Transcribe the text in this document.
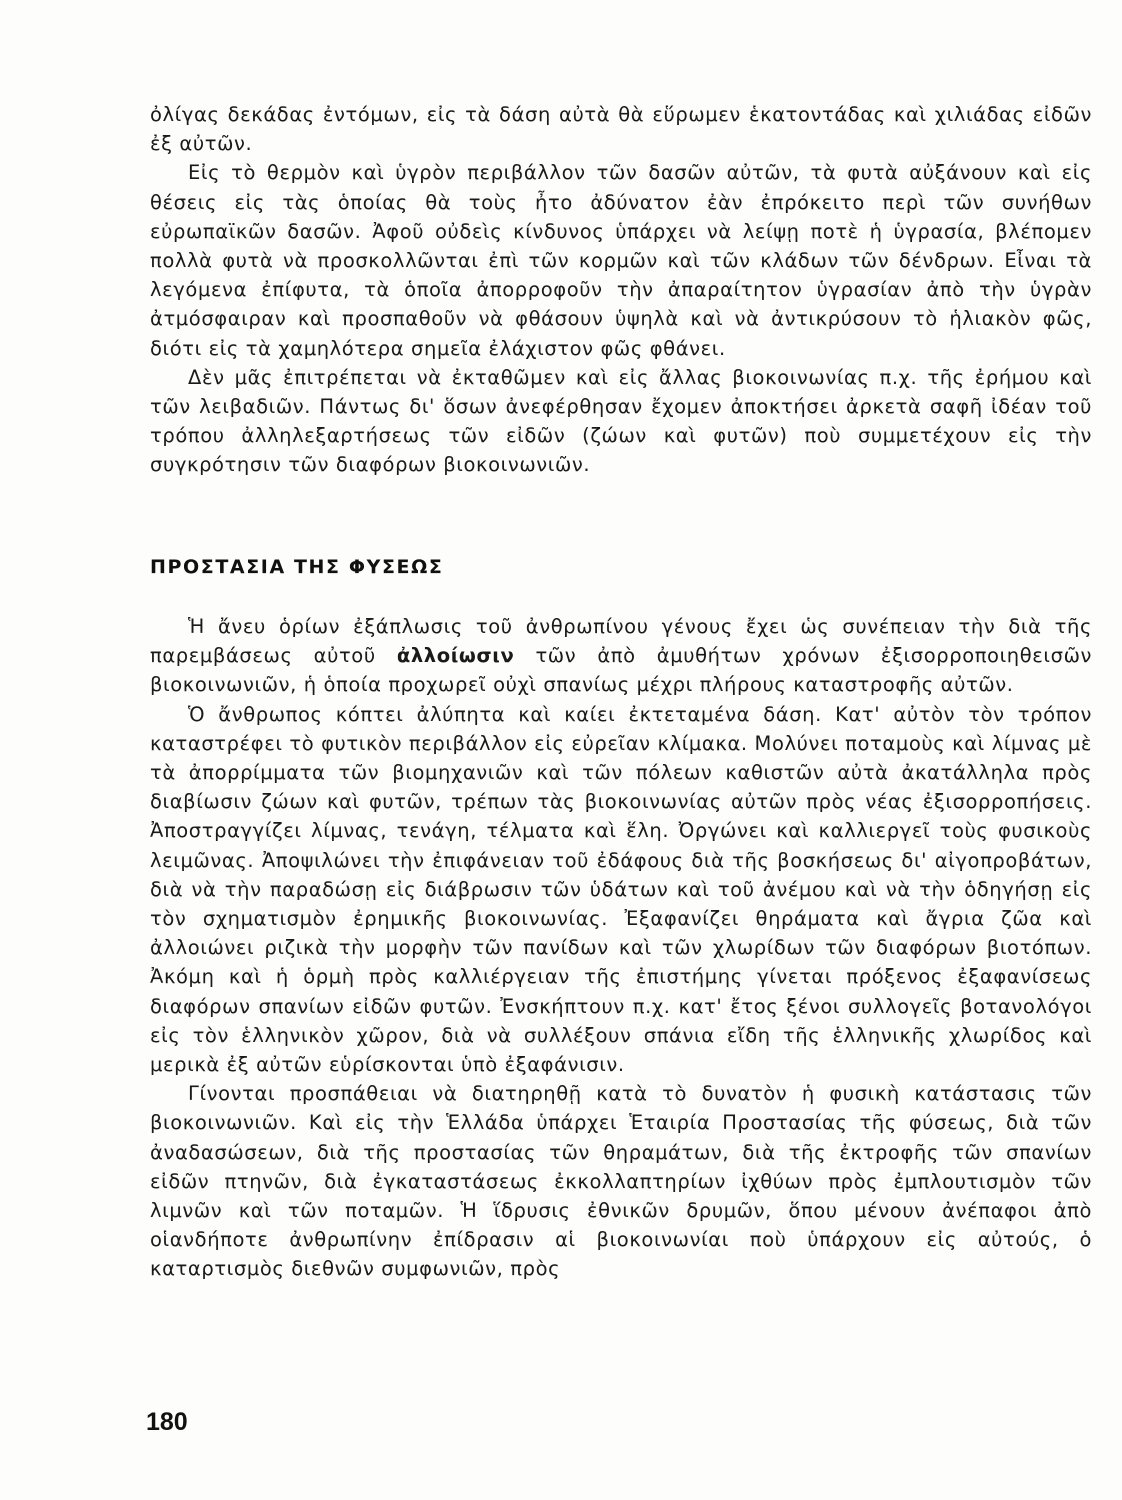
ὀλίγας δεκάδας ἐντόμων, εἰς τὰ δάση αὐτὰ θὰ εὕρωμεν ἑκατοντάδας καὶ χιλιάδας εἰδῶν ἐξ αὐτῶν.

Εἰς τὸ θερμὸν καὶ ὑγρὸν περιβάλλον τῶν δασῶν αὐτῶν, τὰ φυτὰ αὐξάνουν καὶ εἰς θέσεις εἰς τὰς ὁποίας θὰ τοὺς ἦτο ἀδύνατον ἐὰν ἐπρόκειτο περὶ τῶν συνήθων εὐρωπαϊκῶν δασῶν. Ἀφοῦ οὐδεὶς κίνδυνος ὑπάρχει νὰ λείψῃ ποτὲ ἡ ὑγρασία, βλέπομεν πολλὰ φυτὰ νὰ προσκολλῶνται ἐπὶ τῶν κορμῶν καὶ τῶν κλάδων τῶν δένδρων. Εἶναι τὰ λεγόμενα ἐπίφυτα, τὰ ὁποῖα ἀπορροφοῦν τὴν ἀπαραίτητον ὑγρασίαν ἀπὸ τὴν ὑγρὰν ἀτμόσφαιραν καὶ προσπαθοῦν νὰ φθάσουν ὑψηλὰ καὶ νὰ ἀντικρύσουν τὸ ἡλιακὸν φῶς, διότι εἰς τὰ χαμηλότερα σημεῖα ἐλάχιστον φῶς φθάνει.

Δὲν μᾶς ἐπιτρέπεται νὰ ἐκταθῶμεν καὶ εἰς ἄλλας βιοκοινωνίας π.χ. τῆς ἐρήμου καὶ τῶν λειβαδιῶν. Πάντως δι' ὅσων ἀνεφέρθησαν ἔχομεν ἀποκτήσει ἀρκετὰ σαφῆ ἰδέαν τοῦ τρόπου ἀλληλεξαρτήσεως τῶν εἰδῶν (ζώων καὶ φυτῶν) ποὺ συμμετέχουν εἰς τὴν συγκρότησιν τῶν διαφόρων βιοκοινωνιῶν.

ΠΡΟΣΤΑΣΙΑ ΤΗΣ ΦΥΣΕΩΣ

Ἡ ἄνευ ὁρίων ἐξάπλωσις τοῦ ἀνθρωπίνου γένους ἔχει ὡς συνέπειαν τὴν διὰ τῆς παρεμβάσεως αὐτοῦ ἀλλοίωσιν τῶν ἀπὸ ἀμυθήτων χρόνων ἐξισορροποιηθεισῶν βιοκοινωνιῶν, ἡ ὁποία προχωρεῖ οὐχὶ σπανίως μέχρι πλήρους καταστροφῆς αὐτῶν.

Ὁ ἄνθρωπος κόπτει ἀλύπητα καὶ καίει ἐκτεταμένα δάση. Κατ' αὐτὸν τὸν τρόπον καταστρέφει τὸ φυτικὸν περιβάλλον εἰς εὐρεῖαν κλίμακα. Μολύνει ποταμοὺς καὶ λίμνας μὲ τὰ ἀπορρίμματα τῶν βιομηχανιῶν καὶ τῶν πόλεων καθιστῶν αὐτὰ ἀκατάλληλα πρὸς διαβίωσιν ζώων καὶ φυτῶν, τρέπων τὰς βιοκοινωνίας αὐτῶν πρὸς νέας ἐξισορροπήσεις. Ἀποστραγγίζει λίμνας, τενάγη, τέλματα καὶ ἕλη. Ὀργώνει καὶ καλλιεργεῖ τοὺς φυσικοὺς λειμῶνας. Ἀποψιλώνει τὴν ἐπιφάνειαν τοῦ ἐδάφους διὰ τῆς βοσκήσεως δι' αἰγοπροβάτων, διὰ νὰ τὴν παραδώσῃ εἰς διάβρωσιν τῶν ὑδάτων καὶ τοῦ ἀνέμου καὶ νὰ τὴν ὁδηγήσῃ εἰς τὸν σχηματισμὸν ἐρημικῆς βιοκοινωνίας. Ἐξαφανίζει θηράματα καὶ ἄγρια ζῶα καὶ ἀλλοιώνει ριζικὰ τὴν μορφὴν τῶν πανίδων καὶ τῶν χλωρίδων τῶν διαφόρων βιοτόπων. Ἀκόμη καὶ ἡ ὁρμὴ πρὸς καλλιέργειαν τῆς ἐπιστήμης γίνεται πρόξενος ἐξαφανίσεως διαφόρων σπανίων εἰδῶν φυτῶν. Ἐνσκήπτουν π.χ. κατ' ἔτος ξένοι συλλογεῖς βοτανολόγοι εἰς τὸν ἑλληνικὸν χῶρον, διὰ νὰ συλλέξουν σπάνια εἴδη τῆς ἑλληνικῆς χλωρίδος καὶ μερικὰ ἐξ αὐτῶν εὑρίσκονται ὑπὸ ἐξαφάνισιν.

Γίνονται προσπάθειαι νὰ διατηρηθῇ κατὰ τὸ δυνατὸν ἡ φυσικὴ κατάστασις τῶν βιοκοινωνιῶν. Καὶ εἰς τὴν Ἑλλάδα ὑπάρχει Ἑταιρία Προστασίας τῆς φύσεως, διὰ τῶν ἀναδασώσεων, διὰ τῆς προστασίας τῶν θηραμάτων, διὰ τῆς ἐκτροφῆς τῶν σπανίων εἰδῶν πτηνῶν, διὰ ἐγκαταστάσεως ἐκκολλαπτηρίων ἰχθύων πρὸς ἐμπλουτισμὸν τῶν λιμνῶν καὶ τῶν ποταμῶν. Ἡ ἵδρυσις ἐθνικῶν δρυμῶν, ὅπου μένουν ἀνέπαφοι ἀπὸ οἱανδήποτε ἀνθρωπίνην ἐπίδρασιν αἱ βιοκοινωνίαι ποὺ ὑπάρχουν εἰς αὐτούς, ὁ καταρτισμὸς διεθνῶν συμφωνιῶν, πρὸς

180
